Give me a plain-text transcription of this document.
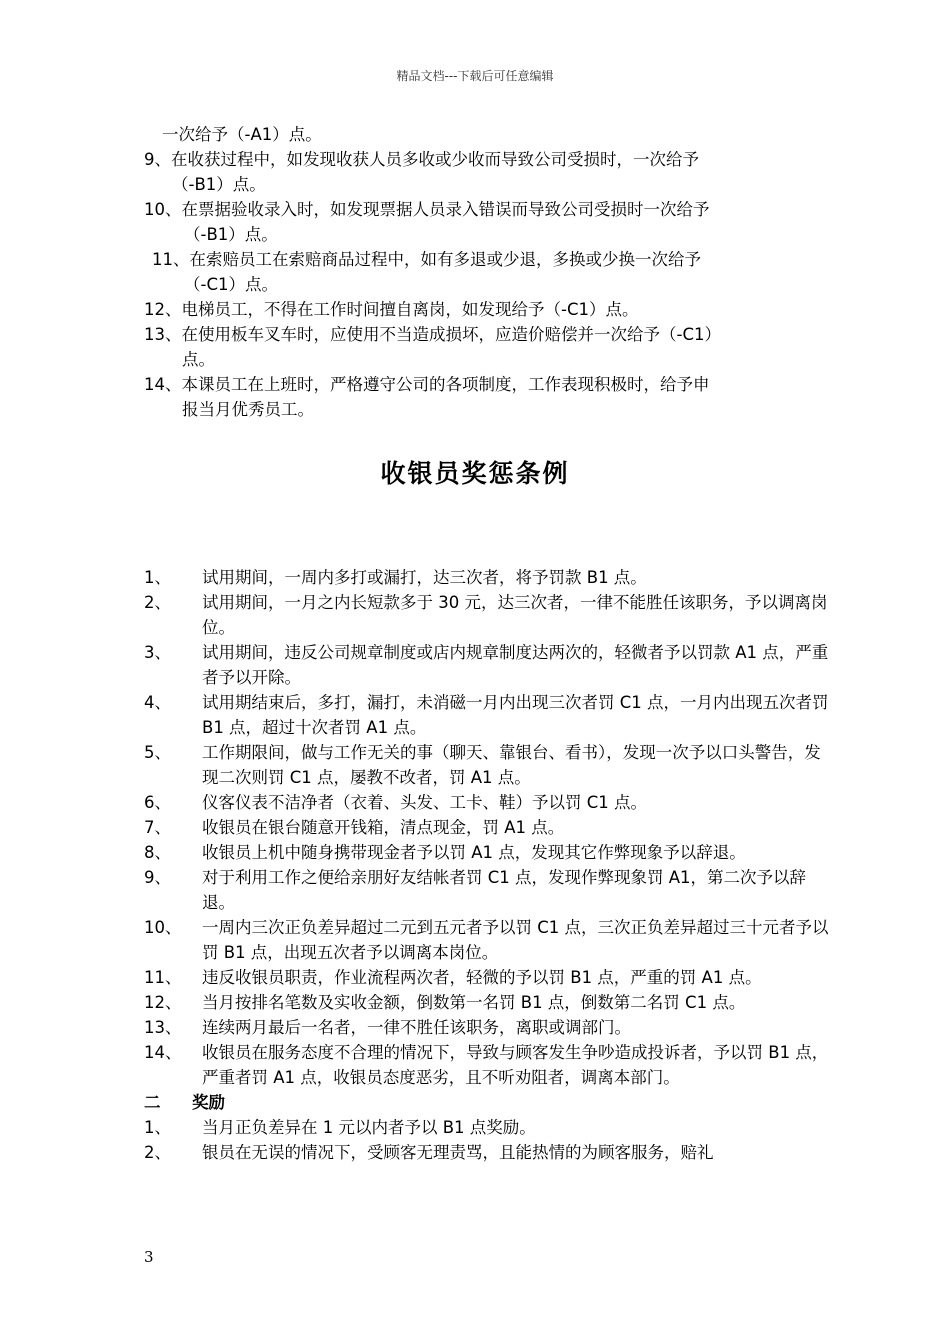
精品文档---下载后可任意编辑
一次给予（-A1）点。
9、在收获过程中，如发现收获人员多收或少收而导致公司受损时，一次给予
（-B1）点。
10、在票据验收录入时，如发现票据人员录入错误而导致公司受损时一次给予
（-B1）点。
11、在索赔员工在索赔商品过程中，如有多退或少退，多换或少换一次给予
（-C1）点。
12、电梯员工，不得在工作时间擅自离岗，如发现给予（-C1）点。
13、在使用板车叉车时，应使用不当造成损坏，应造价赔偿并一次给予（-C1）
点。
14、本课员工在上班时，严格遵守公司的各项制度，工作表现积极时，给予申
报当月优秀员工。
收银员奖惩条例
1、	试用期间，一周内多打或漏打，达三次者，将予罚款 B1 点。
2、	试用期间，一月之内长短款多于 30 元，达三次者，一律不能胜任该职务，予以调离岗位。
3、	试用期间，违反公司规章制度或店内规章制度达两次的，轻微者予以罚款 A1 点，严重者予以开除。
4、	试用期结束后，多打，漏打，未消磁一月内出现三次者罚 C1 点，一月内出现五次者罚 B1 点，超过十次者罚 A1 点。
5、	工作期限间，做与工作无关的事（聊天、靠银台、看书），发现一次予以口头警告，发现二次则罚 C1 点，屡教不改者，罚 A1 点。
6、	仪客仪表不洁净者（衣着、头发、工卡、鞋）予以罚 C1 点。
7、	收银员在银台随意开钱箱，清点现金，罚 A1 点。
8、	收银员上机中随身携带现金者予以罚 A1 点，发现其它作弊现象予以辞退。
9、	对于利用工作之便给亲朋好友结帐者罚 C1 点，发现作弊现象罚 A1，第二次予以辞退。
10、	一周内三次正负差异超过二元到五元者予以罚 C1 点，三次正负差异超过三十元者予以罚 B1 点，出现五次者予以调离本岗位。
11、	违反收银员职责，作业流程两次者，轻微的予以罚 B1 点，严重的罚 A1 点。
12、	当月按排名笔数及实收金额，倒数第一名罚 B1 点，倒数第二名罚 C1 点。
13、	连续两月最后一名者，一律不胜任该职务，离职或调部门。
14、	收银员在服务态度不合理的情况下，导致与顾客发生争吵造成投诉者，予以罚 B1 点，严重者罚 A1 点，收银员态度恶劣，且不听劝阻者，调离本部门。
二	奖励
1、	当月正负差异在 1 元以内者予以 B1 点奖励。
2、	银员在无误的情况下，受顾客无理责骂，且能热情的为顾客服务，赔礼
3
